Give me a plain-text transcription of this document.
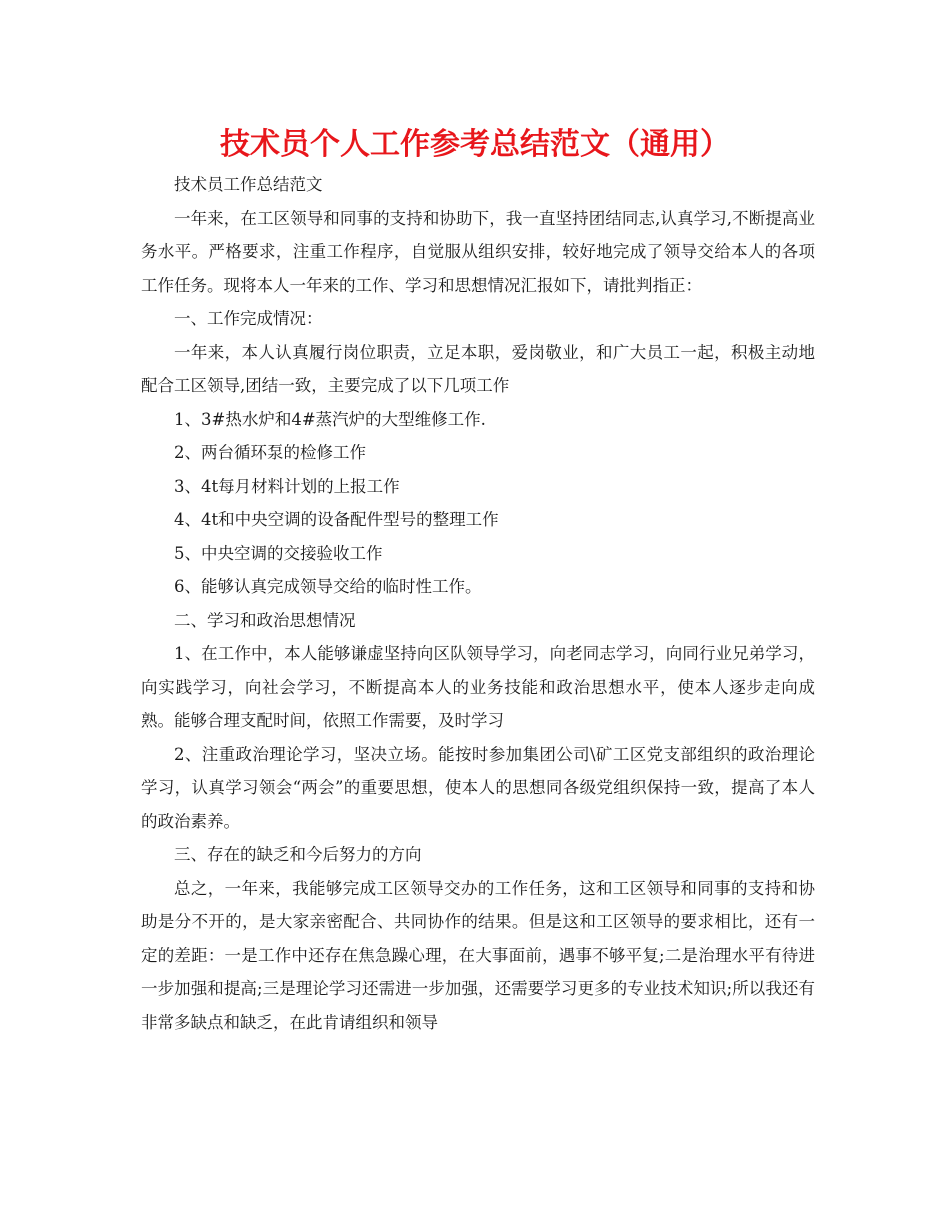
技术员个人工作参考总结范文（通用）

技术员工作总结范文

一年来，在工区领导和同事的支持和协助下，我一直坚持团结同志,认真学习,不断提高业务水平。严格要求，注重工作程序，自觉服从组织安排，较好地完成了领导交给本人的各项工作任务。现将本人一年来的工作、学习和思想情况汇报如下，请批判指正：

一、工作完成情况：

一年来，本人认真履行岗位职责，立足本职，爱岗敬业，和广大员工一起，积极主动地配合工区领导,团结一致，主要完成了以下几项工作

1、3#热水炉和4#蒸汽炉的大型维修工作.

2、两台循环泵的检修工作

3、4t每月材料计划的上报工作

4、4t和中央空调的设备配件型号的整理工作

5、中央空调的交接验收工作

6、能够认真完成领导交给的临时性工作。

二、学习和政治思想情况

1、在工作中，本人能够谦虚坚持向区队领导学习，向老同志学习，向同行业兄弟学习，向实践学习，向社会学习，不断提高本人的业务技能和政治思想水平，使本人逐步走向成熟。能够合理支配时间，依照工作需要，及时学习

2、注重政治理论学习，坚决立场。能按时参加集团公司\矿工区党支部组织的政治理论学习，认真学习领会“两会”的重要思想，使本人的思想同各级党组织保持一致，提高了本人的政治素养。

三、存在的缺乏和今后努力的方向

总之，一年来，我能够完成工区领导交办的工作任务，这和工区领导和同事的支持和协助是分不开的，是大家亲密配合、共同协作的结果。但是这和工区领导的要求相比，还有一定的差距：一是工作中还存在焦急躁心理，在大事面前，遇事不够平复;二是治理水平有待进一步加强和提高;三是理论学习还需进一步加强，还需要学习更多的专业技术知识;所以我还有非常多缺点和缺乏，在此肯请组织和领导
